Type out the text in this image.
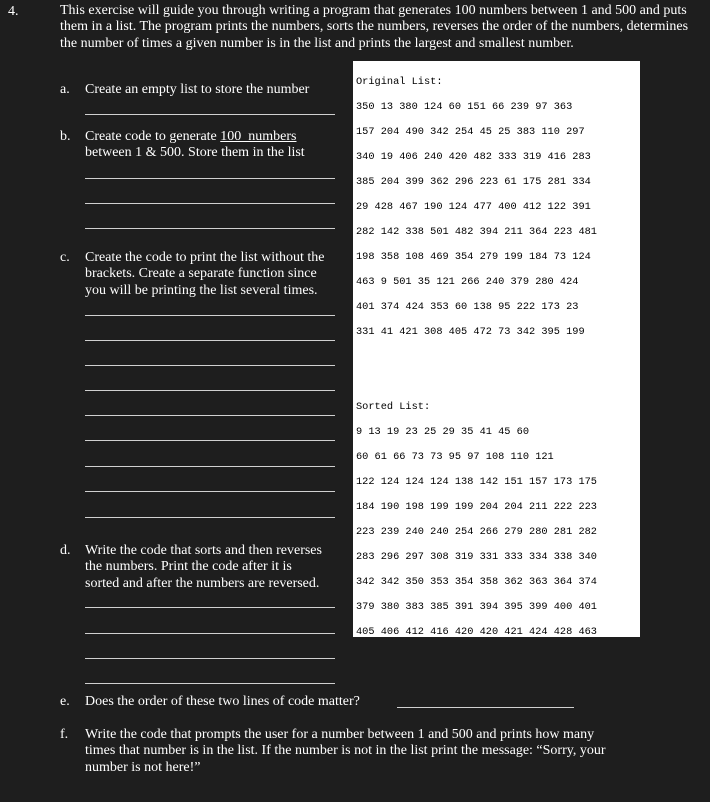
4.	This exercise will guide you through writing a program that generates 100 numbers between 1 and 500 and puts them in a list. The program prints the numbers, sorts the numbers, reverses the order of the numbers, determines the number of times a given number is in the list and prints the largest and smallest number.
a. Create an empty list to store the number
b. Create code to generate 100  numbers between 1 & 500. Store them in the list
c. Create the code to print the list without the
brackets. Create a separate function since
you will be printing the list several times.
d. Write the code that sorts and then reverses
the numbers. Print the code after it is
sorted and after the numbers are reversed.
e. Does the order of these two lines of code matter?
f. Write the code that prompts the user for a number between 1 and 500 and prints how many
times that number is in the list. If the number is not in the list print the message: “Sorry, your
number is not here!”

Original List:

350 13 380 124 60 151 66 239 97 363

157 204 490 342 254 45 25 383 110 297

340 19 406 240 420 482 333 319 416 283

385 204 399 362 296 223 61 175 281 334

29 428 467 190 124 477 400 412 122 391

282 142 338 501 482 394 211 364 223 481

198 358 108 469 354 279 199 184 73 124

463 9 501 35 121 266 240 379 280 424

401 374 424 353 60 138 95 222 173 23

331 41 421 308 405 472 73 342 395 199

Sorted List:

9 13 19 23 25 29 35 41 45 60

60 61 66 73 73 95 97 108 110 121

122 124 124 124 138 142 151 157 173 175

184 190 198 199 199 204 204 211 222 223

223 239 240 240 254 266 279 280 281 282

283 296 297 308 319 331 333 334 338 340

342 342 350 353 354 358 362 363 364 374

379 380 383 385 391 394 395 399 400 401

405 406 412 416 420 420 421 424 428 463
